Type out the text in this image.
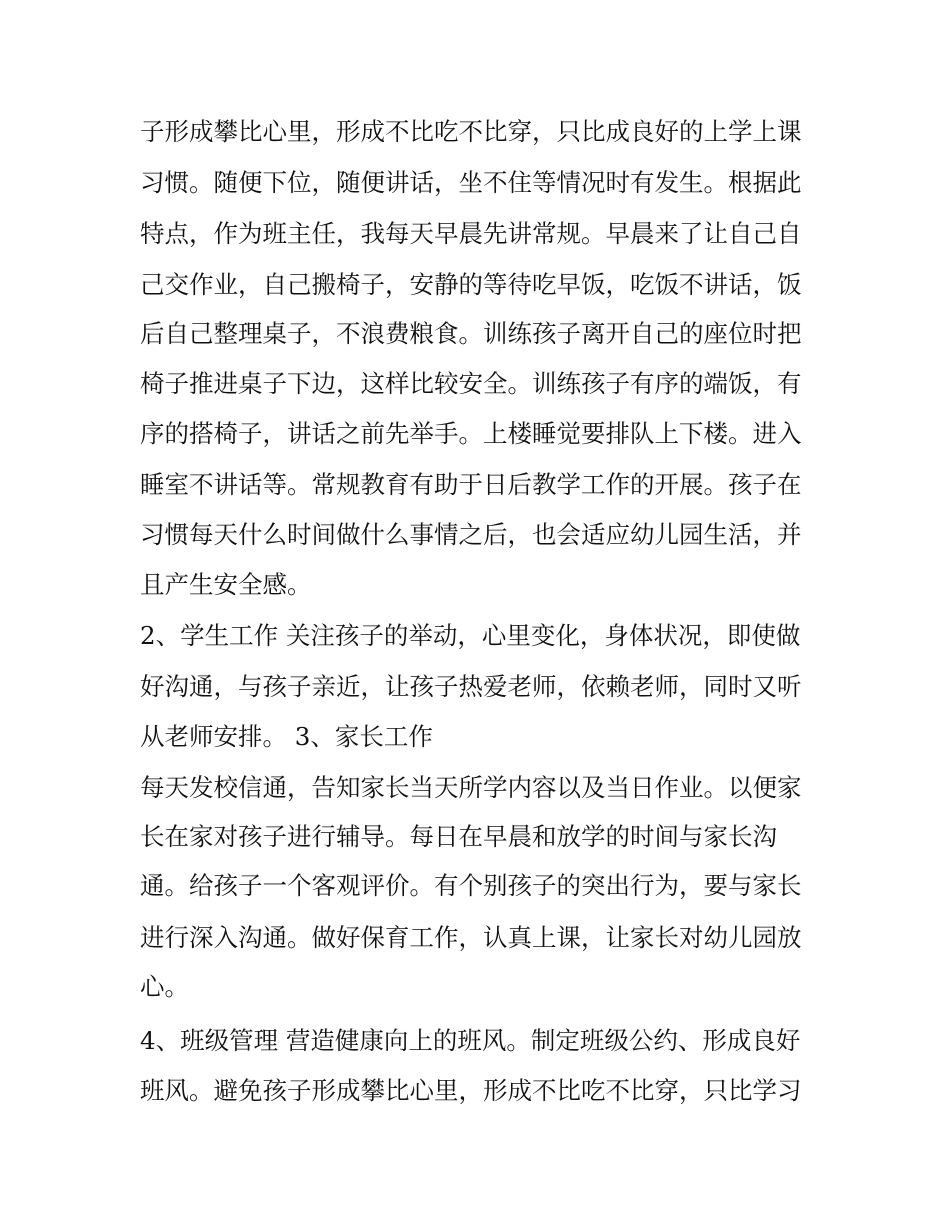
子形成攀比心里，形成不比吃不比穿，只比成良好的上学上课
习惯。随便下位，随便讲话，坐不住等情况时有发生。根据此
特点，作为班主任，我每天早晨先讲常规。早晨来了让自己自
己交作业，自己搬椅子，安静的等待吃早饭，吃饭不讲话，饭
后自己整理桌子，不浪费粮食。训练孩子离开自己的座位时把
椅子推进桌子下边，这样比较安全。训练孩子有序的端饭，有
序的搭椅子，讲话之前先举手。上楼睡觉要排队上下楼。进入
睡室不讲话等。常规教育有助于日后教学工作的开展。孩子在
习惯每天什么时间做什么事情之后，也会适应幼儿园生活，并
且产生安全感。
2、学生工作 关注孩子的举动，心里变化，身体状况，即使做
好沟通，与孩子亲近，让孩子热爱老师，依赖老师，同时又听
从老师安排。 3、家长工作
每天发校信通，告知家长当天所学内容以及当日作业。以便家
长在家对孩子进行辅导。每日在早晨和放学的时间与家长沟
通。给孩子一个客观评价。有个别孩子的突出行为，要与家长
进行深入沟通。做好保育工作，认真上课，让家长对幼儿园放
心。
4、班级管理 营造健康向上的班风。制定班级公约、形成良好
班风。避免孩子形成攀比心里，形成不比吃不比穿，只比学习
